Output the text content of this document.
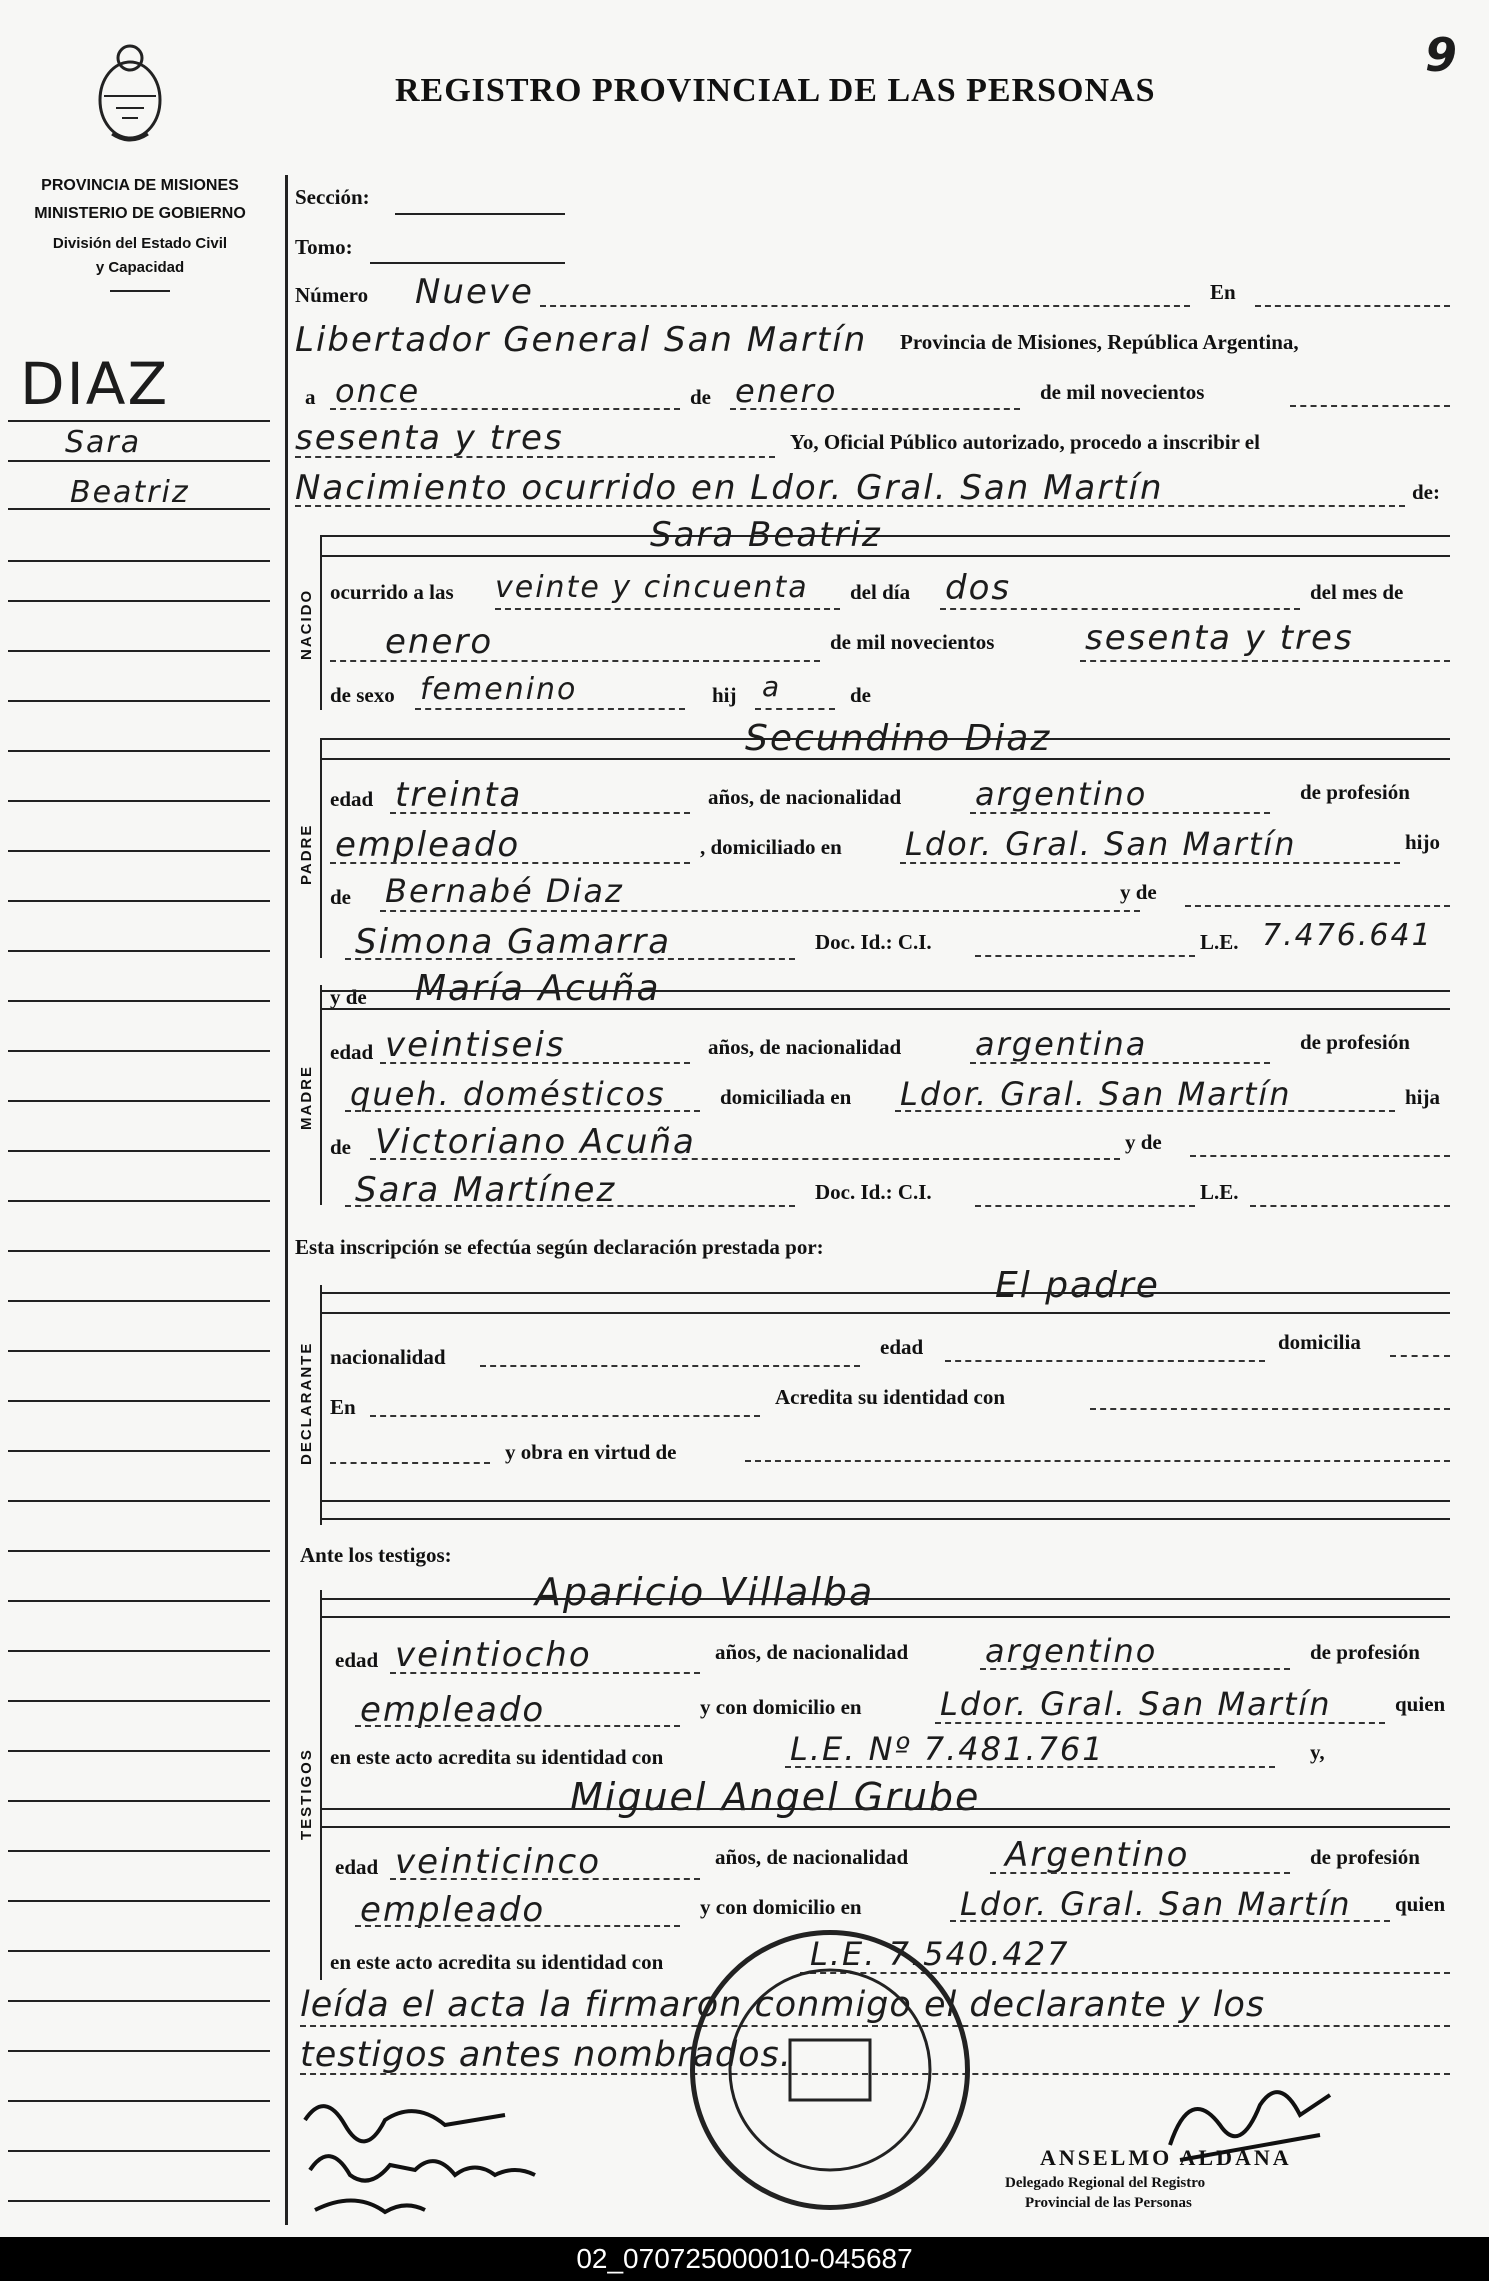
REGISTRO PROVINCIAL DE LAS PERSONAS
9
PROVINCIA DE MISIONES
MINISTERIO DE GOBIERNO
División del Estado Civil
y Capacidad
DIAZ
Sara
Beatriz
Sección:
Tomo:
Número Nueve	En
Libertador General San Martín Provincia de Misiones, República Argentina,
a once	de enero	de mil novecientos
sesenta y tres	Yo, Oficial Público autorizado, procedo a inscribir el
Nacimiento ocurrido en Ldor. Gral. San Martín	de:
NACIDO
Sara Beatriz
ocurrido a las veinte y cincuenta del día dos	del mes de
enero	de mil novecientos	sesenta y tres
de sexo femenino	hij a	de
PADRE
Secundino Diaz
edad treinta	años, de nacionalidad argentino	de profesión
empleado	, domiciliado en Ldor. Gral. San Martín	hijo
de Bernabé Diaz	y de
Simona Gamarra	Doc. Id.: C.I.	L.E. 7.476.641
MADRE
y de María Acuña
edad veintiseis	años, de nacionalidad argentina	de profesión
queh. domésticos	domiciliada en Ldor. Gral. San Martín	hija
de Victoriano Acuña	y de
Sara Martínez	Doc. Id.: C.I.	L.E.
Esta inscripción se efectúa según declaración prestada por:
DECLARANTE
El padre
nacionalidad	edad	domicilia
En	Acredita su identidad con
y obra en virtud de
Ante los testigos:
TESTIGOS
Aparicio Villalba
edad veintiocho	años, de nacionalidad argentino	de profesión
empleado	y con domicilio en Ldor. Gral. San Martín	quien
en este acto acredita su identidad con	L.E. Nº 7.481.761	y,
Miguel Angel Grube
edad veinticinco	años, de nacionalidad	Argentino	de profesión
empleado	y con domicilio en	Ldor. Gral. San Martín quien
en este acto acredita su identidad con	L.E. 7.540.427
leída el acta la firmaron conmigo el declarante y los
testigos antes nombrados.
ANSELMO ALDANA
Delegado Regional del Registro
Provincial de las Personas
02_070725000010-045687
